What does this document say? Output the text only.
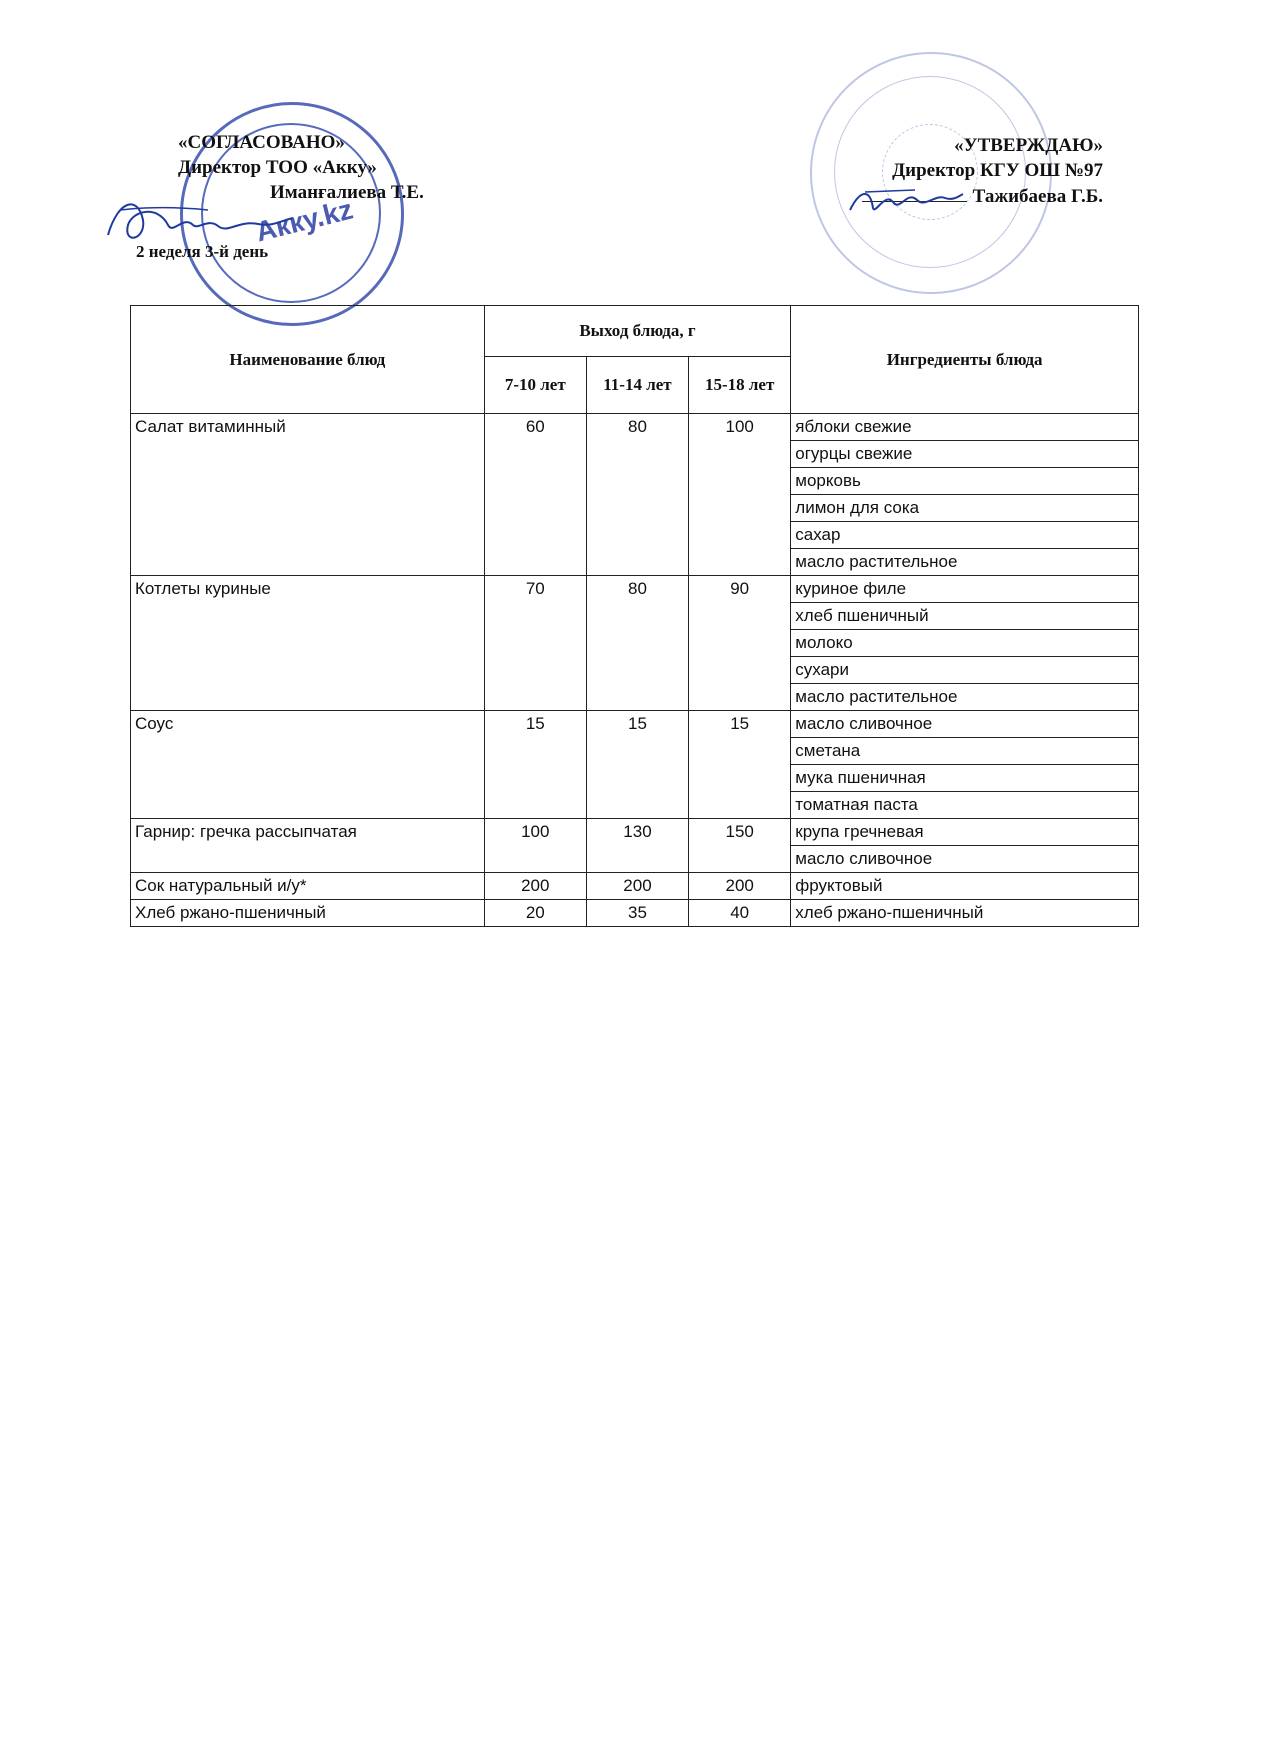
Акку.kz
«СОГЛАСОВАНО»
Директор ТОО «Акку»
Иманғалиева Т.Е.
«УТВЕРЖДАЮ»
Директор КГУ ОШ №97
Тажибаева Г.Б.
2 неделя 3-й день
Наименование блюд	Выход блюда, г			Ингредиенты блюда
	7-10 лет	11-14 лет	15-18 лет	
Салат витаминный	60	80	100	яблоки свежие
				огурцы свежие
				морковь
				лимон для сока
				сахар
				масло растительное
Котлеты куриные	70	80	90	куриное филе
				хлеб пшеничный
				молоко
				сухари
				масло растительное
Соус	15	15	15	масло сливочное
				сметана
				мука пшеничная
				томатная паста
Гарнир: гречка рассыпчатая	100	130	150	крупа гречневая
				масло сливочное
Сок натуральный и/у*	200	200	200	фруктовый
Хлеб ржано-пшеничный	20	35	40	хлеб ржано-пшеничный
